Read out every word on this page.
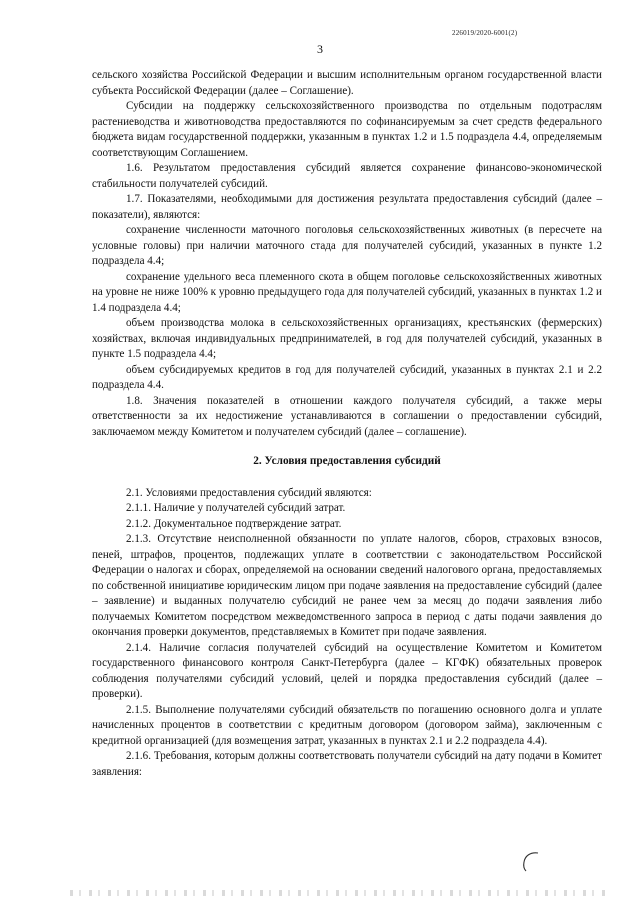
226019/2020-6001(2)
3

сельского хозяйства Российской Федерации и высшим исполнительным органом государственной власти субъекта Российской Федерации (далее – Соглашение).

Субсидии на поддержку сельскохозяйственного производства по отдельным подотраслям растениеводства и животноводства предоставляются по софинансируемым за счет средств федерального бюджета видам государственной поддержки, указанным в пунктах 1.2 и 1.5 подраздела 4.4, определяемым соответствующим Соглашением.

1.6. Результатом предоставления субсидий является сохранение финансово-экономической стабильности получателей субсидий.

1.7. Показателями, необходимыми для достижения результата предоставления субсидий (далее – показатели), являются:

сохранение численности маточного поголовья сельскохозяйственных животных (в пересчете на условные головы) при наличии маточного стада для получателей субсидий, указанных в пункте 1.2 подраздела 4.4;

сохранение удельного веса племенного скота в общем поголовье сельскохозяйственных животных на уровне не ниже 100% к уровню предыдущего года для получателей субсидий, указанных в пунктах 1.2 и 1.4 подраздела 4.4;

объем производства молока в сельскохозяйственных организациях, крестьянских (фермерских) хозяйствах, включая индивидуальных предпринимателей, в год для получателей субсидий, указанных в пункте 1.5 подраздела 4.4;

объем субсидируемых кредитов в год для получателей субсидий, указанных в пунктах 2.1 и 2.2 подраздела 4.4.

1.8. Значения показателей в отношении каждого получателя субсидий, а также меры ответственности за их недостижение устанавливаются в соглашении о предоставлении субсидий, заключаемом между Комитетом и получателем субсидий (далее – соглашение).

2. Условия предоставления субсидий

2.1. Условиями предоставления субсидий являются:

2.1.1. Наличие у получателей субсидий затрат.

2.1.2. Документальное подтверждение затрат.

2.1.3. Отсутствие неисполненной обязанности по уплате налогов, сборов, страховых взносов, пеней, штрафов, процентов, подлежащих уплате в соответствии с законодательством Российской Федерации о налогах и сборах, определяемой на основании сведений налогового органа, предоставляемых по собственной инициативе юридическим лицом при подаче заявления на предоставление субсидий (далее – заявление) и выданных получателю субсидий не ранее чем за месяц до подачи заявления либо получаемых Комитетом посредством межведомственного запроса в период с даты подачи заявления до окончания проверки документов, представляемых в Комитет при подаче заявления.

2.1.4. Наличие согласия получателей субсидий на осуществление Комитетом и Комитетом государственного финансового контроля Санкт-Петербурга (далее – КГФК) обязательных проверок соблюдения получателями субсидий условий, целей и порядка предоставления субсидий (далее – проверки).

2.1.5. Выполнение получателями субсидий обязательств по погашению основного долга и уплате начисленных процентов в соответствии с кредитным договором (договором займа), заключенным с кредитной организацией (для возмещения затрат, указанных в пунктах 2.1 и 2.2 подраздела 4.4).

2.1.6. Требования, которым должны соответствовать получатели субсидий на дату подачи в Комитет заявления:
